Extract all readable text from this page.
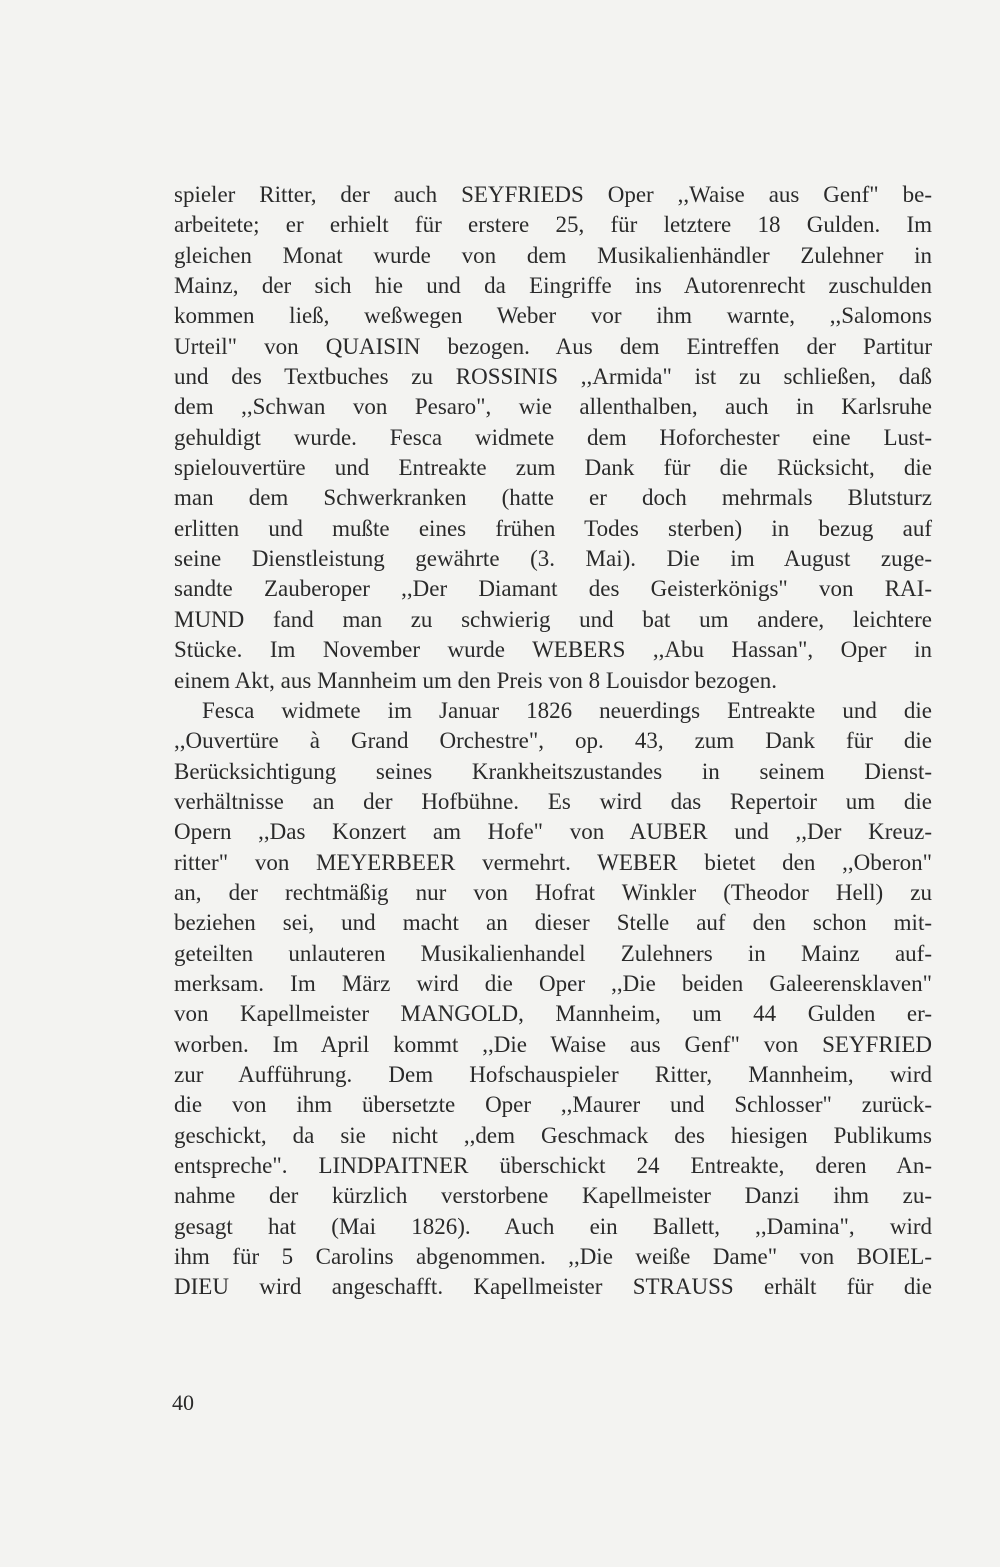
spieler Ritter, der auch SEYFRIEDS Oper ,,Waise aus Genf" be-
arbeitete; er erhielt für erstere 25, für letztere 18 Gulden. Im
gleichen Monat wurde von dem Musikalienhändler Zulehner in
Mainz, der sich hie und da Eingriffe ins Autorenrecht zuschulden
kommen ließ, weßwegen Weber vor ihm warnte, ,,Salomons
Urteil" von QUAISIN bezogen. Aus dem Eintreffen der Partitur
und des Textbuches zu ROSSINIS ,,Armida" ist zu schließen, daß
dem ,,Schwan von Pesaro", wie allenthalben, auch in Karlsruhe
gehuldigt wurde. Fesca widmete dem Hoforchester eine Lust-
spielouvertüre und Entreakte zum Dank für die Rücksicht, die
man dem Schwerkranken (hatte er doch mehrmals Blutsturz
erlitten und mußte eines frühen Todes sterben) in bezug auf
seine Dienstleistung gewährte (3. Mai). Die im August zuge-
sandte Zauberoper ,,Der Diamant des Geisterkönigs" von RAI-
MUND fand man zu schwierig und bat um andere, leichtere
Stücke. Im November wurde WEBERS ,,Abu Hassan", Oper in
einem Akt, aus Mannheim um den Preis von 8 Louisdor bezogen.
Fesca widmete im Januar 1826 neuerdings Entreakte und die
,,Ouvertüre à Grand Orchestre", op. 43, zum Dank für die
Berücksichtigung seines Krankheitszustandes in seinem Dienst-
verhältnisse an der Hofbühne. Es wird das Repertoir um die
Opern ,,Das Konzert am Hofe" von AUBER und ,,Der Kreuz-
ritter" von MEYERBEER vermehrt. WEBER bietet den ,,Oberon"
an, der rechtmäßig nur von Hofrat Winkler (Theodor Hell) zu
beziehen sei, und macht an dieser Stelle auf den schon mit-
geteilten unlauteren Musikalienhandel Zulehners in Mainz auf-
merksam. Im März wird die Oper ,,Die beiden Galeerensklaven"
von Kapellmeister MANGOLD, Mannheim, um 44 Gulden er-
worben. Im April kommt ,,Die Waise aus Genf" von SEYFRIED
zur Aufführung. Dem Hofschauspieler Ritter, Mannheim, wird
die von ihm übersetzte Oper ,,Maurer und Schlosser" zurück-
geschickt, da sie nicht ,,dem Geschmack des hiesigen Publikums
entspreche". LINDPAITNER überschickt 24 Entreakte, deren An-
nahme der kürzlich verstorbene Kapellmeister Danzi ihm zu-
gesagt hat (Mai 1826). Auch ein Ballett, ,,Damina", wird
ihm für 5 Carolins abgenommen. ,,Die weiße Dame" von BOIEL-
DIEU wird angeschafft. Kapellmeister STRAUSS erhält für die
40
